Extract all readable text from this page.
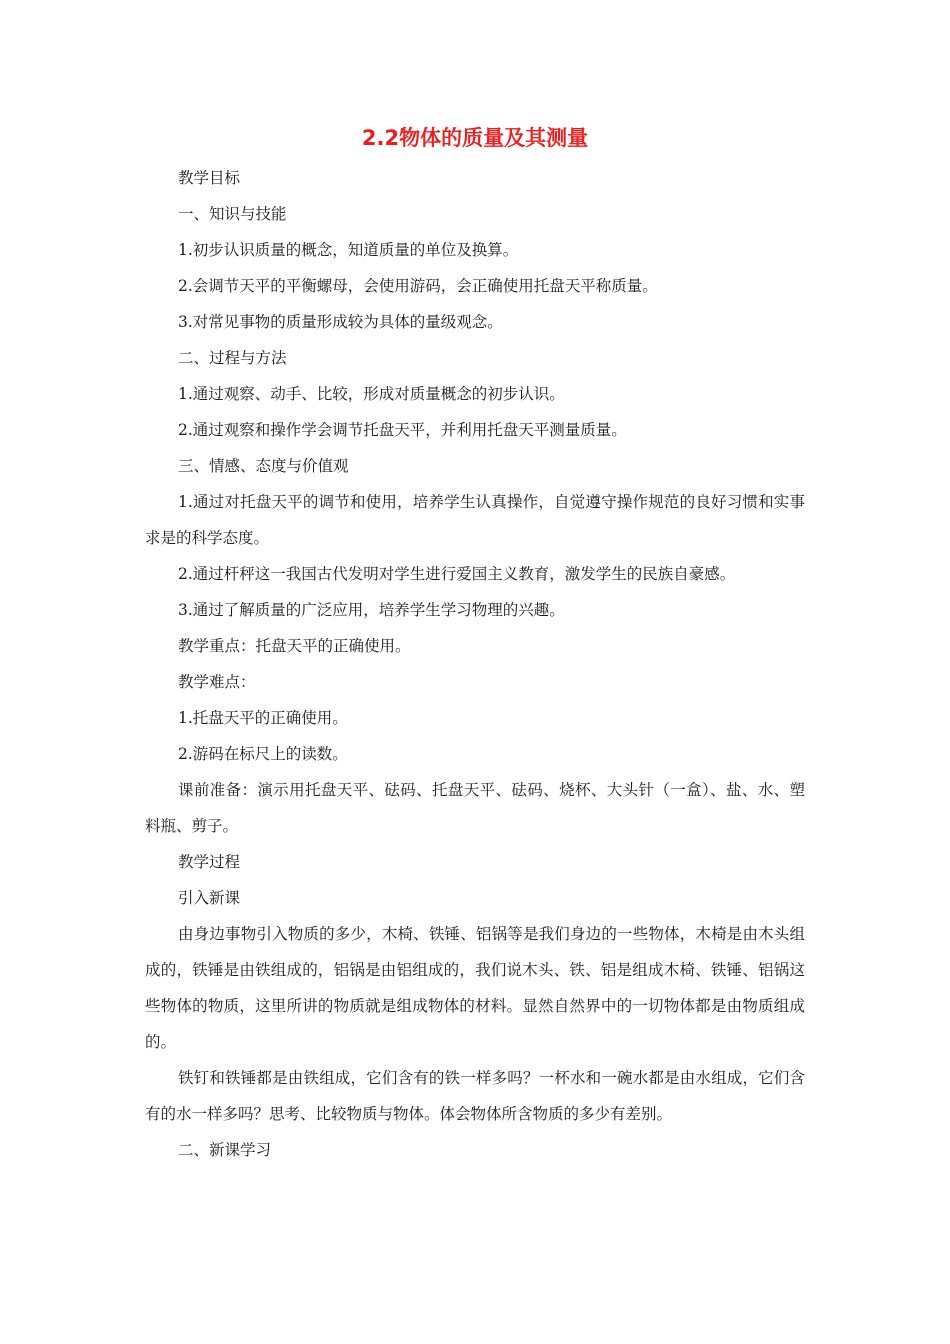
2.2物体的质量及其测量

教学目标

一、知识与技能

1.初步认识质量的概念，知道质量的单位及换算。

2.会调节天平的平衡螺母，会使用游码，会正确使用托盘天平称质量。

3.对常见事物的质量形成较为具体的量级观念。

二、过程与方法

1.通过观察、动手、比较，形成对质量概念的初步认识。

2.通过观察和操作学会调节托盘天平，并利用托盘天平测量质量。

三、情感、态度与价值观

1.通过对托盘天平的调节和使用，培养学生认真操作，自觉遵守操作规范的良好习惯和实事求是的科学态度。

2.通过杆秤这一我国古代发明对学生进行爱国主义教育，激发学生的民族自豪感。

3.通过了解质量的广泛应用，培养学生学习物理的兴趣。

教学重点：托盘天平的正确使用。

教学难点：

1.托盘天平的正确使用。

2.游码在标尺上的读数。

课前准备：演示用托盘天平、砝码、托盘天平、砝码、烧杯、大头针（一盒）、盐、水、塑料瓶、剪子。

教学过程

引入新课

由身边事物引入物质的多少，木椅、铁锤、铝锅等是我们身边的一些物体，木椅是由木头组成的，铁锤是由铁组成的，铝锅是由铝组成的，我们说木头、铁、铝是组成木椅、铁锤、铝锅这些物体的物质，这里所讲的物质就是组成物体的材料。显然自然界中的一切物体都是由物质组成的。

铁钉和铁锤都是由铁组成，它们含有的铁一样多吗？一杯水和一碗水都是由水组成，它们含有的水一样多吗？思考、比较物质与物体。体会物体所含物质的多少有差别。

二、新课学习
